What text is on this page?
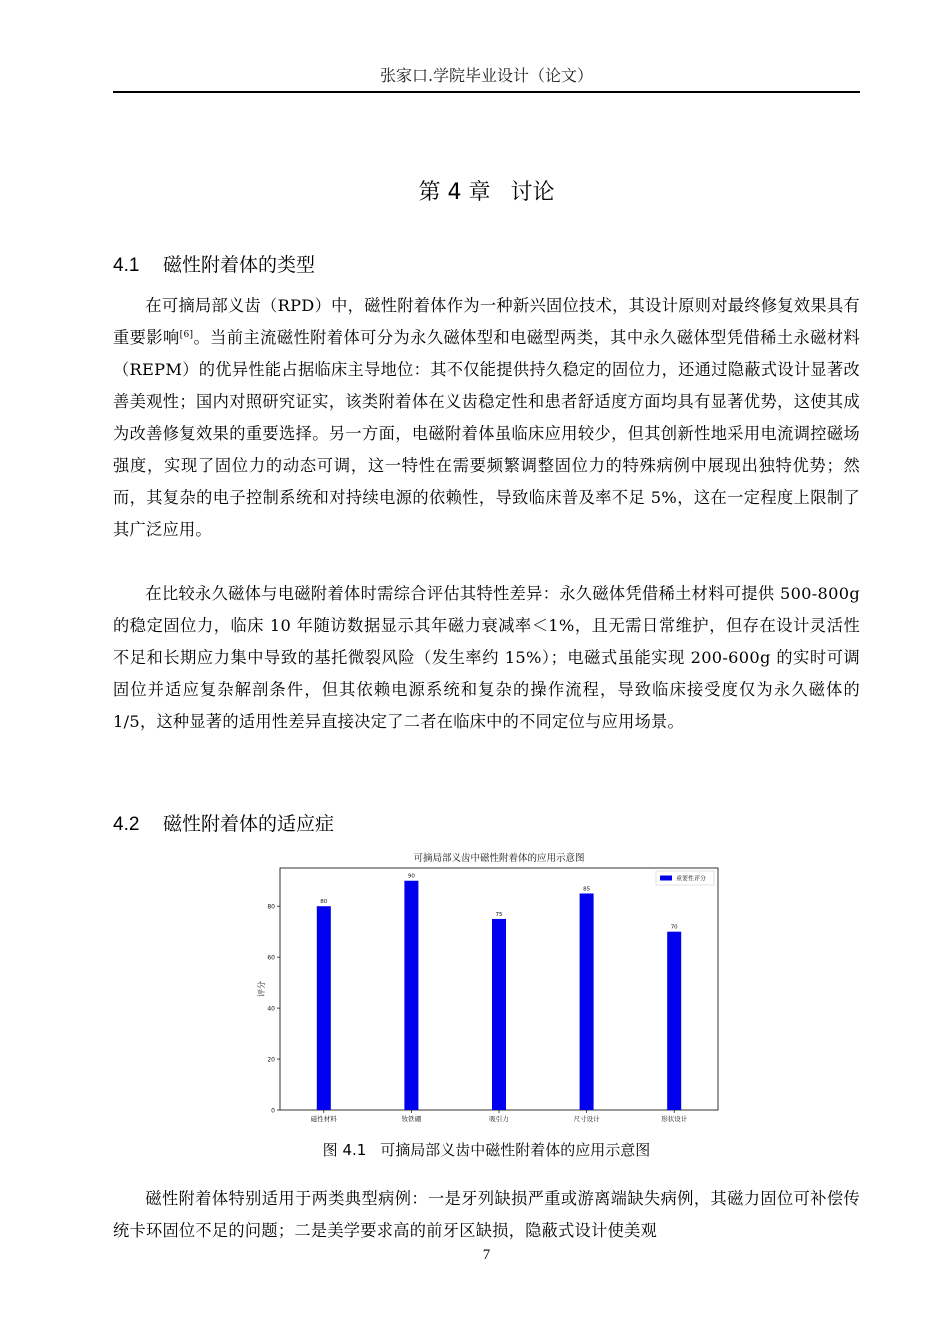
张家口.学院毕业设计（论文）
第 4 章 讨论
4.1 磁性附着体的类型

在可摘局部义齿（RPD）中，磁性附着体作为一种新兴固位技术，其设计原则对最终修复效果具有重要影响[6]。当前主流磁性附着体可分为永久磁体型和电磁型两类，其中永久磁体型凭借稀土永磁材料（REPM）的优异性能占据临床主导地位：其不仅能提供持久稳定的固位力，还通过隐蔽式设计显著改善美观性；国内对照研究证实，该类附着体在义齿稳定性和患者舒适度方面均具有显著优势，这使其成为改善修复效果的重要选择。另一方面，电磁附着体虽临床应用较少，但其创新性地采用电流调控磁场强度，实现了固位力的动态可调，这一特性在需要频繁调整固位力的特殊病例中展现出独特优势；然而，其复杂的电子控制系统和对持续电源的依赖性，导致临床普及率不足 5%，这在一定程度上限制了其广泛应用。

在比较永久磁体与电磁附着体时需综合评估其特性差异：永久磁体凭借稀土材料可提供 500-800g 的稳定固位力，临床 10 年随访数据显示其年磁力衰减率＜1%，且无需日常维护，但存在设计灵活性不足和长期应力集中导致的基托微裂风险（发生率约 15%）；电磁式虽能实现 200-600g 的实时可调固位并适应复杂解剖条件，但其依赖电源系统和复杂的操作流程，导致临床接受度仅为永久磁体的 1/5，这种显著的适用性差异直接决定了二者在临床中的不同定位与应用场景。

4.2 磁性附着体的适应症
可摘局部义齿中磁性附着体的应用示意图
0
20
40
60
80
评分
80
磁性材料
90
钕铁硼
75
吸引力
85
尺寸设计
70
形状设计
重要性评分
图 4.1 可摘局部义齿中磁性附着体的应用示意图

磁性附着体特别适用于两类典型病例：一是牙列缺损严重或游离端缺失病例，其磁力固位可补偿传统卡环固位不足的问题；二是美学要求高的前牙区缺损，隐蔽式设计使美观

7
